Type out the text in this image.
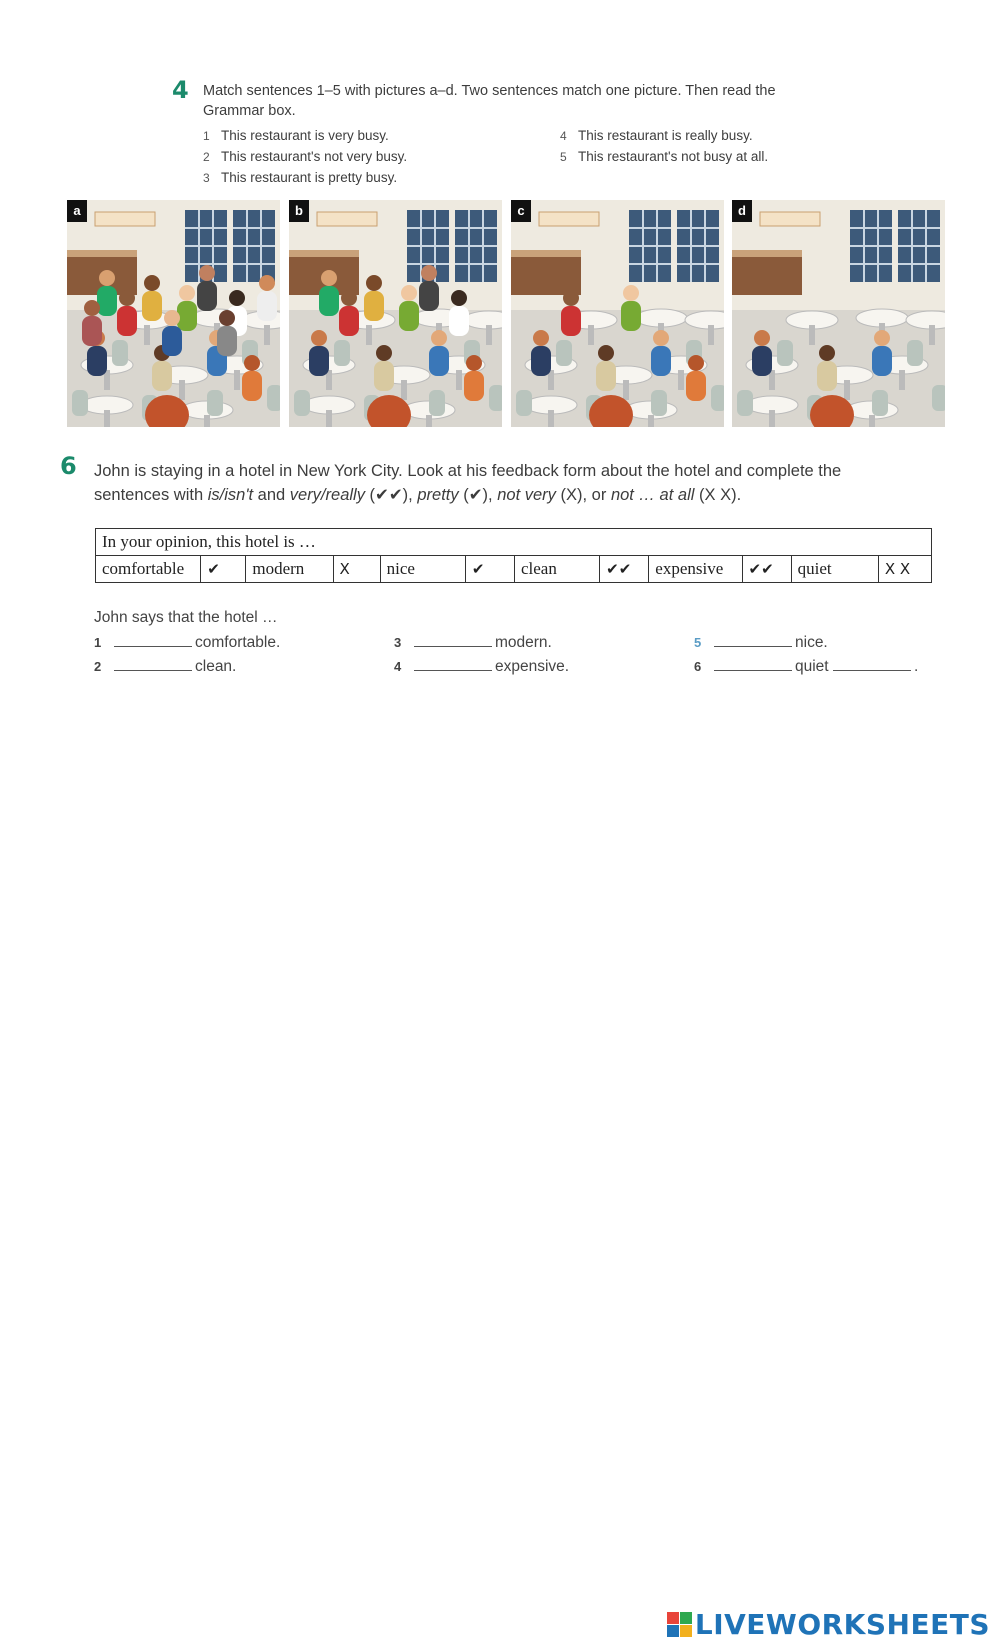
4 Match sentences 1–5 with pictures a–d. Two sentences match one picture. Then read the
Grammar box.
1 This restaurant is very busy.
2 This restaurant's not very busy.
3 This restaurant is pretty busy.
4 This restaurant is really busy.
5 This restaurant's not busy at all.
a	b	c	d
6 John is staying in a hotel in New York City. Look at his feedback form about the hotel and complete the
sentences with is/isn't and very/really (✔✔), pretty (✔), not very (X), or not … at all (X X).
In your opinion, this hotel is …
comfortable	✔	modern	X	nice	✔	clean	✔✔	expensive	✔✔	quiet	X X
John says that the hotel …
1	comfortable.
2	clean.
3	modern.
4	expensive.
5	nice.
6	quiet	.
LIVEWORKSHEETS
